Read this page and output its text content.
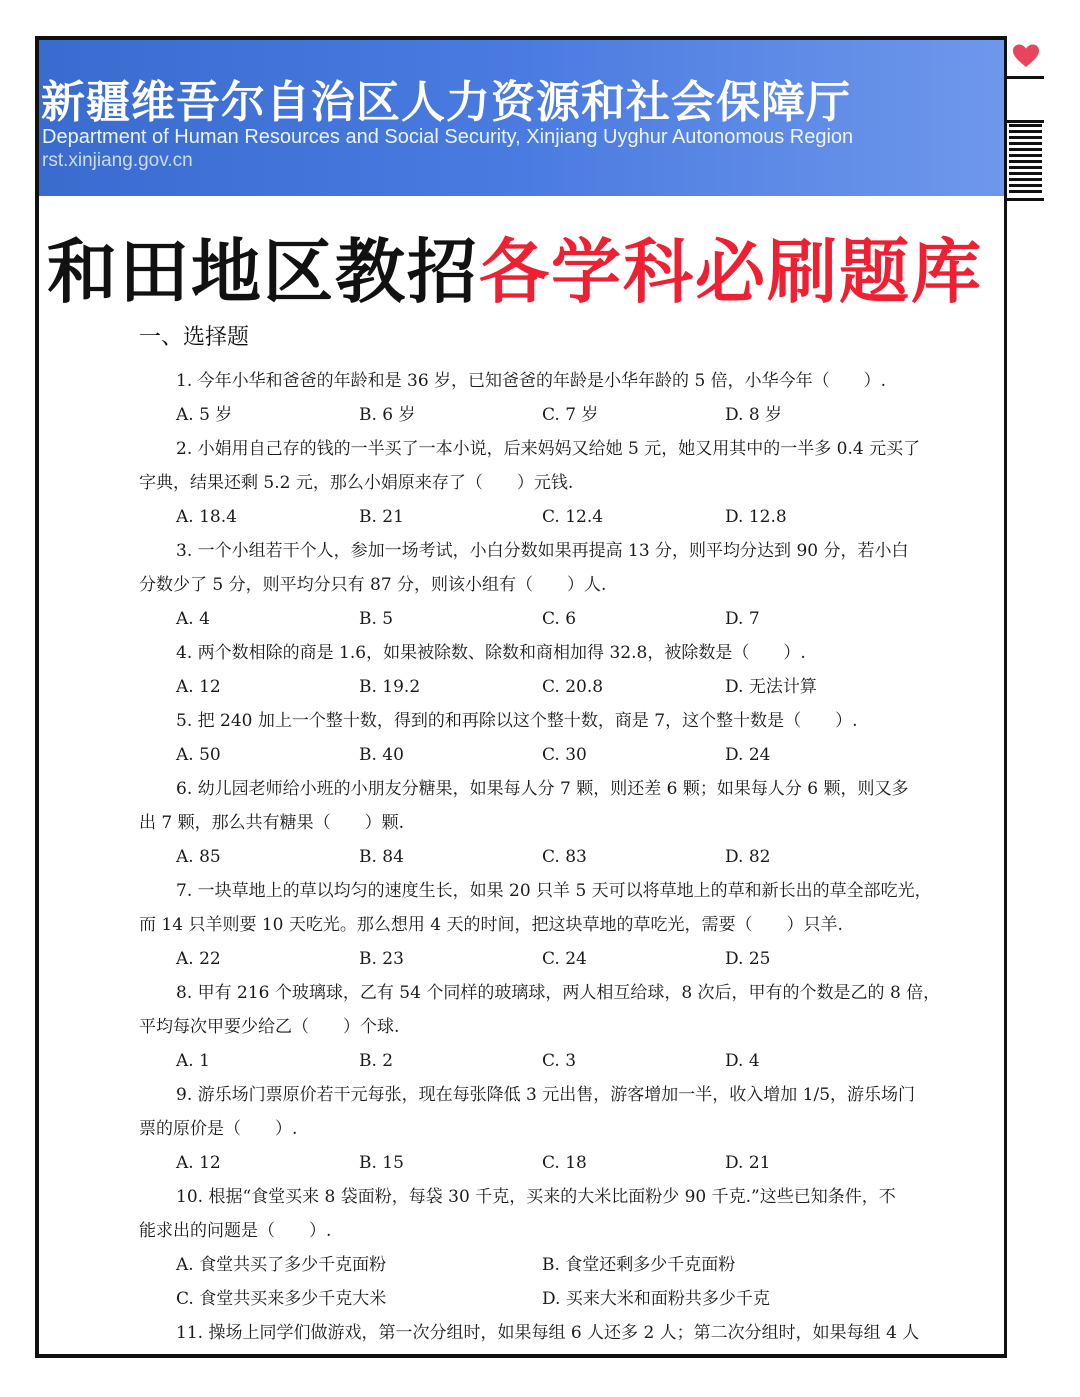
新疆维吾尔自治区人力资源和社会保障厅
Department of Human Resources and Social Security, Xinjiang Uyghur Autonomous Region
rst.xinjiang.gov.cn
和田地区教招各学科必刷题库
一、选择题
1. 今年小华和爸爸的年龄和是 36 岁，已知爸爸的年龄是小华年龄的 5 倍，小华今年（　　）.
A. 5 岁	B. 6 岁	C. 7 岁	D. 8 岁
2. 小娟用自己存的钱的一半买了一本小说，后来妈妈又给她 5 元，她又用其中的一半多 0.4 元买了
字典，结果还剩 5.2 元，那么小娟原来存了（　　）元钱.
A. 18.4	B. 21	C. 12.4	D. 12.8
3. 一个小组若干个人，参加一场考试，小白分数如果再提高 13 分，则平均分达到 90 分，若小白
分数少了 5 分，则平均分只有 87 分，则该小组有（　　）人.
A. 4	B. 5	C. 6	D. 7
4. 两个数相除的商是 1.6，如果被除数、除数和商相加得 32.8，被除数是（　　）.
A. 12	B. 19.2	C. 20.8	D. 无法计算
5. 把 240 加上一个整十数，得到的和再除以这个整十数，商是 7，这个整十数是（　　）.
A. 50	B. 40	C. 30	D. 24
6. 幼儿园老师给小班的小朋友分糖果，如果每人分 7 颗，则还差 6 颗；如果每人分 6 颗，则又多
出 7 颗，那么共有糖果（　　）颗.
A. 85	B. 84	C. 83	D. 82
7. 一块草地上的草以均匀的速度生长，如果 20 只羊 5 天可以将草地上的草和新长出的草全部吃光，
而 14 只羊则要 10 天吃光。那么想用 4 天的时间，把这块草地的草吃光，需要（　　）只羊.
A. 22	B. 23	C. 24	D. 25
8. 甲有 216 个玻璃球，乙有 54 个同样的玻璃球，两人相互给球，8 次后，甲有的个数是乙的 8 倍，
平均每次甲要少给乙（　　）个球.
A. 1	B. 2	C. 3	D. 4
9. 游乐场门票原价若干元每张，现在每张降低 3 元出售，游客增加一半，收入增加 1/5，游乐场门
票的原价是（　　）.
A. 12	B. 15	C. 18	D. 21
10. 根据“食堂买来 8 袋面粉，每袋 30 千克，买来的大米比面粉少 90 千克.”这些已知条件，不
能求出的问题是（　　）.
A. 食堂共买了多少千克面粉	B. 食堂还剩多少千克面粉
C. 食堂共买来多少千克大米	D. 买来大米和面粉共多少千克
11. 操场上同学们做游戏，第一次分组时，如果每组 6 人还多 2 人；第二次分组时，如果每组 4 人
